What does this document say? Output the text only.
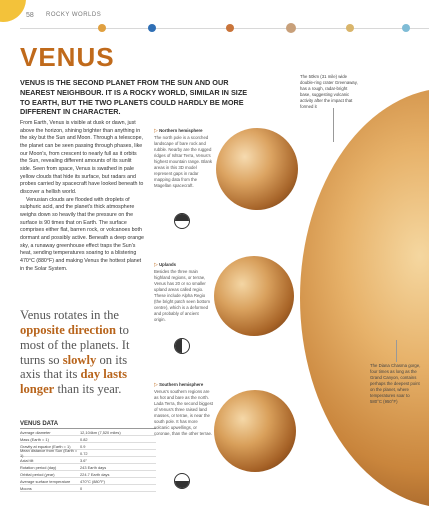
58 ROCKY WORLDS
VENUS
VENUS IS THE SECOND PLANET FROM THE SUN AND OUR NEAREST NEIGHBOUR. IT IS A ROCKY WORLD, SIMILAR IN SIZE TO EARTH, BUT THE TWO PLANETS COULD HARDLY BE MORE DIFFERENT IN CHARACTER.

From Earth, Venus is visible at dusk or dawn, just above the horizon, shining brighter than anything in the sky but the Sun and Moon. Through a telescope, the planet can be seen passing through phases, like our Moon's, from crescent to nearly full as it orbits the Sun, revealing different amounts of its sunlit side. Seen from space, Venus is swathed in pale yellow clouds that hide its surface, but radars and probes carried by spacecraft have looked beneath to discover a hellish world.

Venusian clouds are flooded with droplets of sulphuric acid, and the planet's thick atmosphere weighs down so heavily that the pressure on the surface is 90 times that on Earth. The surface comprises either flat, barren rock, or volcanoes both dormant and possibly active. Beneath a deep orange sky, a runaway greenhouse effect traps the Sun's heat, sending temperatures soaring to a blistering 470°C (880°F) and making Venus the hottest planet in the Solar System.

Venus rotates in the opposite direction to most of the planets. It turns so slowly on its axis that its day lasts longer than its year.
VENUS DATA
Average diameter	12,104km (7,520 miles)
Mass (Earth = 1)	0.82
Gravity at equator (Earth = 1)	0.9
Mean distance from Sun (Earth = 1)	0.72
Axial tilt	3.6°
Rotation period (day)	243 Earth days
Orbital period (year)	224.7 Earth days
Average surface temperature	470°C (880°F)
Moons	0
▷ Northern hemisphere
The north pole is a scorched landscape of bare rock and rubble. Nearby are the rugged ridges of Ishtar Terra, Venus's highest mountain range. Blank areas in this 3D model represent gaps in radar mapping data from the Magellan spacecraft.
▷ Uplands
Besides the three main highland regions, or terrae, Venus has 20 or so smaller upland areas called regio. These include Alpha Regio (the bright patch seen bottom centre), which is a deformed and probably of ancient origin.
▷ Southern hemisphere
Venus's southern regions are as hot and bare as the north. Lada Terra, the second biggest of Venus's three raised land masses, or terrae, is near the south pole. It has more volcanic upwellings, or coronae, than the other terrae.
The 50km (31 mile) wide double-ring crater Greenaway, has a rough, radar-bright base, suggesting volcanic activity after the impact that formed it
The Diana Chasma gorge, four times as long as the Grand Canyon, contains perhaps the deepest point on the planet, where temperatures soar to 580°C (950°F)
